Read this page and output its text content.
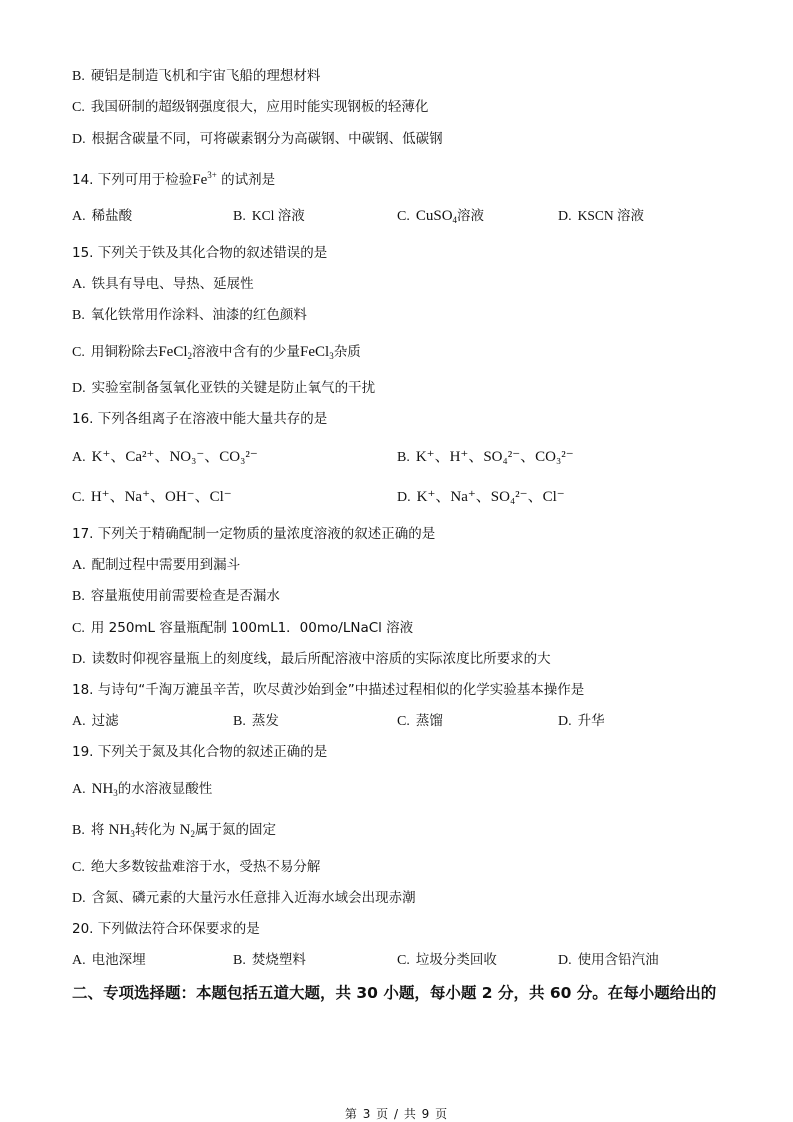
B. 硬铝是制造飞机和宇宙飞船的理想材料
C. 我国研制的超级钢强度很大，应用时能实现钢板的轻薄化
D. 根据含碳量不同，可将碳素钢分为高碳钢、中碳钢、低碳钢
14. 下列可用于检验$Fe^{3+}$ 的试剂是
A. 稀盐酸	B. KCl 溶液	C. CuSO$_4$溶液	D. KSCN 溶液
15. 下列关于铁及其化合物的叙述错误的是
A. 铁具有导电、导热、延展性
B. 氧化铁常用作涂料、油漆的红色颜料
C. 用铜粉除去FeCl$_2$溶液中含有的少量FeCl$_3$杂质
D. 实验室制备氢氧化亚铁的关键是防止氧气的干扰
16. 下列各组离子在溶液中能大量共存的是
A. K⁺、Ca²⁺、NO₃⁻、CO₃²⁻	B. K⁺、H⁺、SO₄²⁻、CO₃²⁻
C. H⁺、Na⁺、OH⁻、Cl⁻	D. K⁺、Na⁺、SO₄²⁻、Cl⁻
17. 下列关于精确配制一定物质的量浓度溶液的叙述正确的是
A. 配制过程中需要用到漏斗
B. 容量瓶使用前需要检查是否漏水
C. 用 250mL 容量瓶配制 100mL1．00mo/LNaCl 溶液
D. 读数时仰视容量瓶上的刻度线，最后所配溶液中溶质的实际浓度比所要求的大
18. 与诗句“千淘万漉虽辛苦，吹尽黄沙始到金”中描述过程相似的化学实验基本操作是
A. 过滤	B. 蒸发	C. 蒸馏	D. 升华
19. 下列关于氮及其化合物的叙述正确的是
A. $NH_3$的水溶液显酸性
B. 将 $NH_3$转化为 $N_2$属于氮的固定
C. 绝大多数铵盐难溶于水，受热不易分解
D. 含氮、磷元素的大量污水任意排入近海水域会出现赤潮
20. 下列做法符合环保要求的是
A. 电池深埋	B. 焚烧塑料	C. 垃圾分类回收	D. 使用含铅汽油
二、专项选择题：本题包括五道大题，共 30 小题，每小题 2 分，共 60 分。在每小题给出的
第 3 页 / 共 9 页
